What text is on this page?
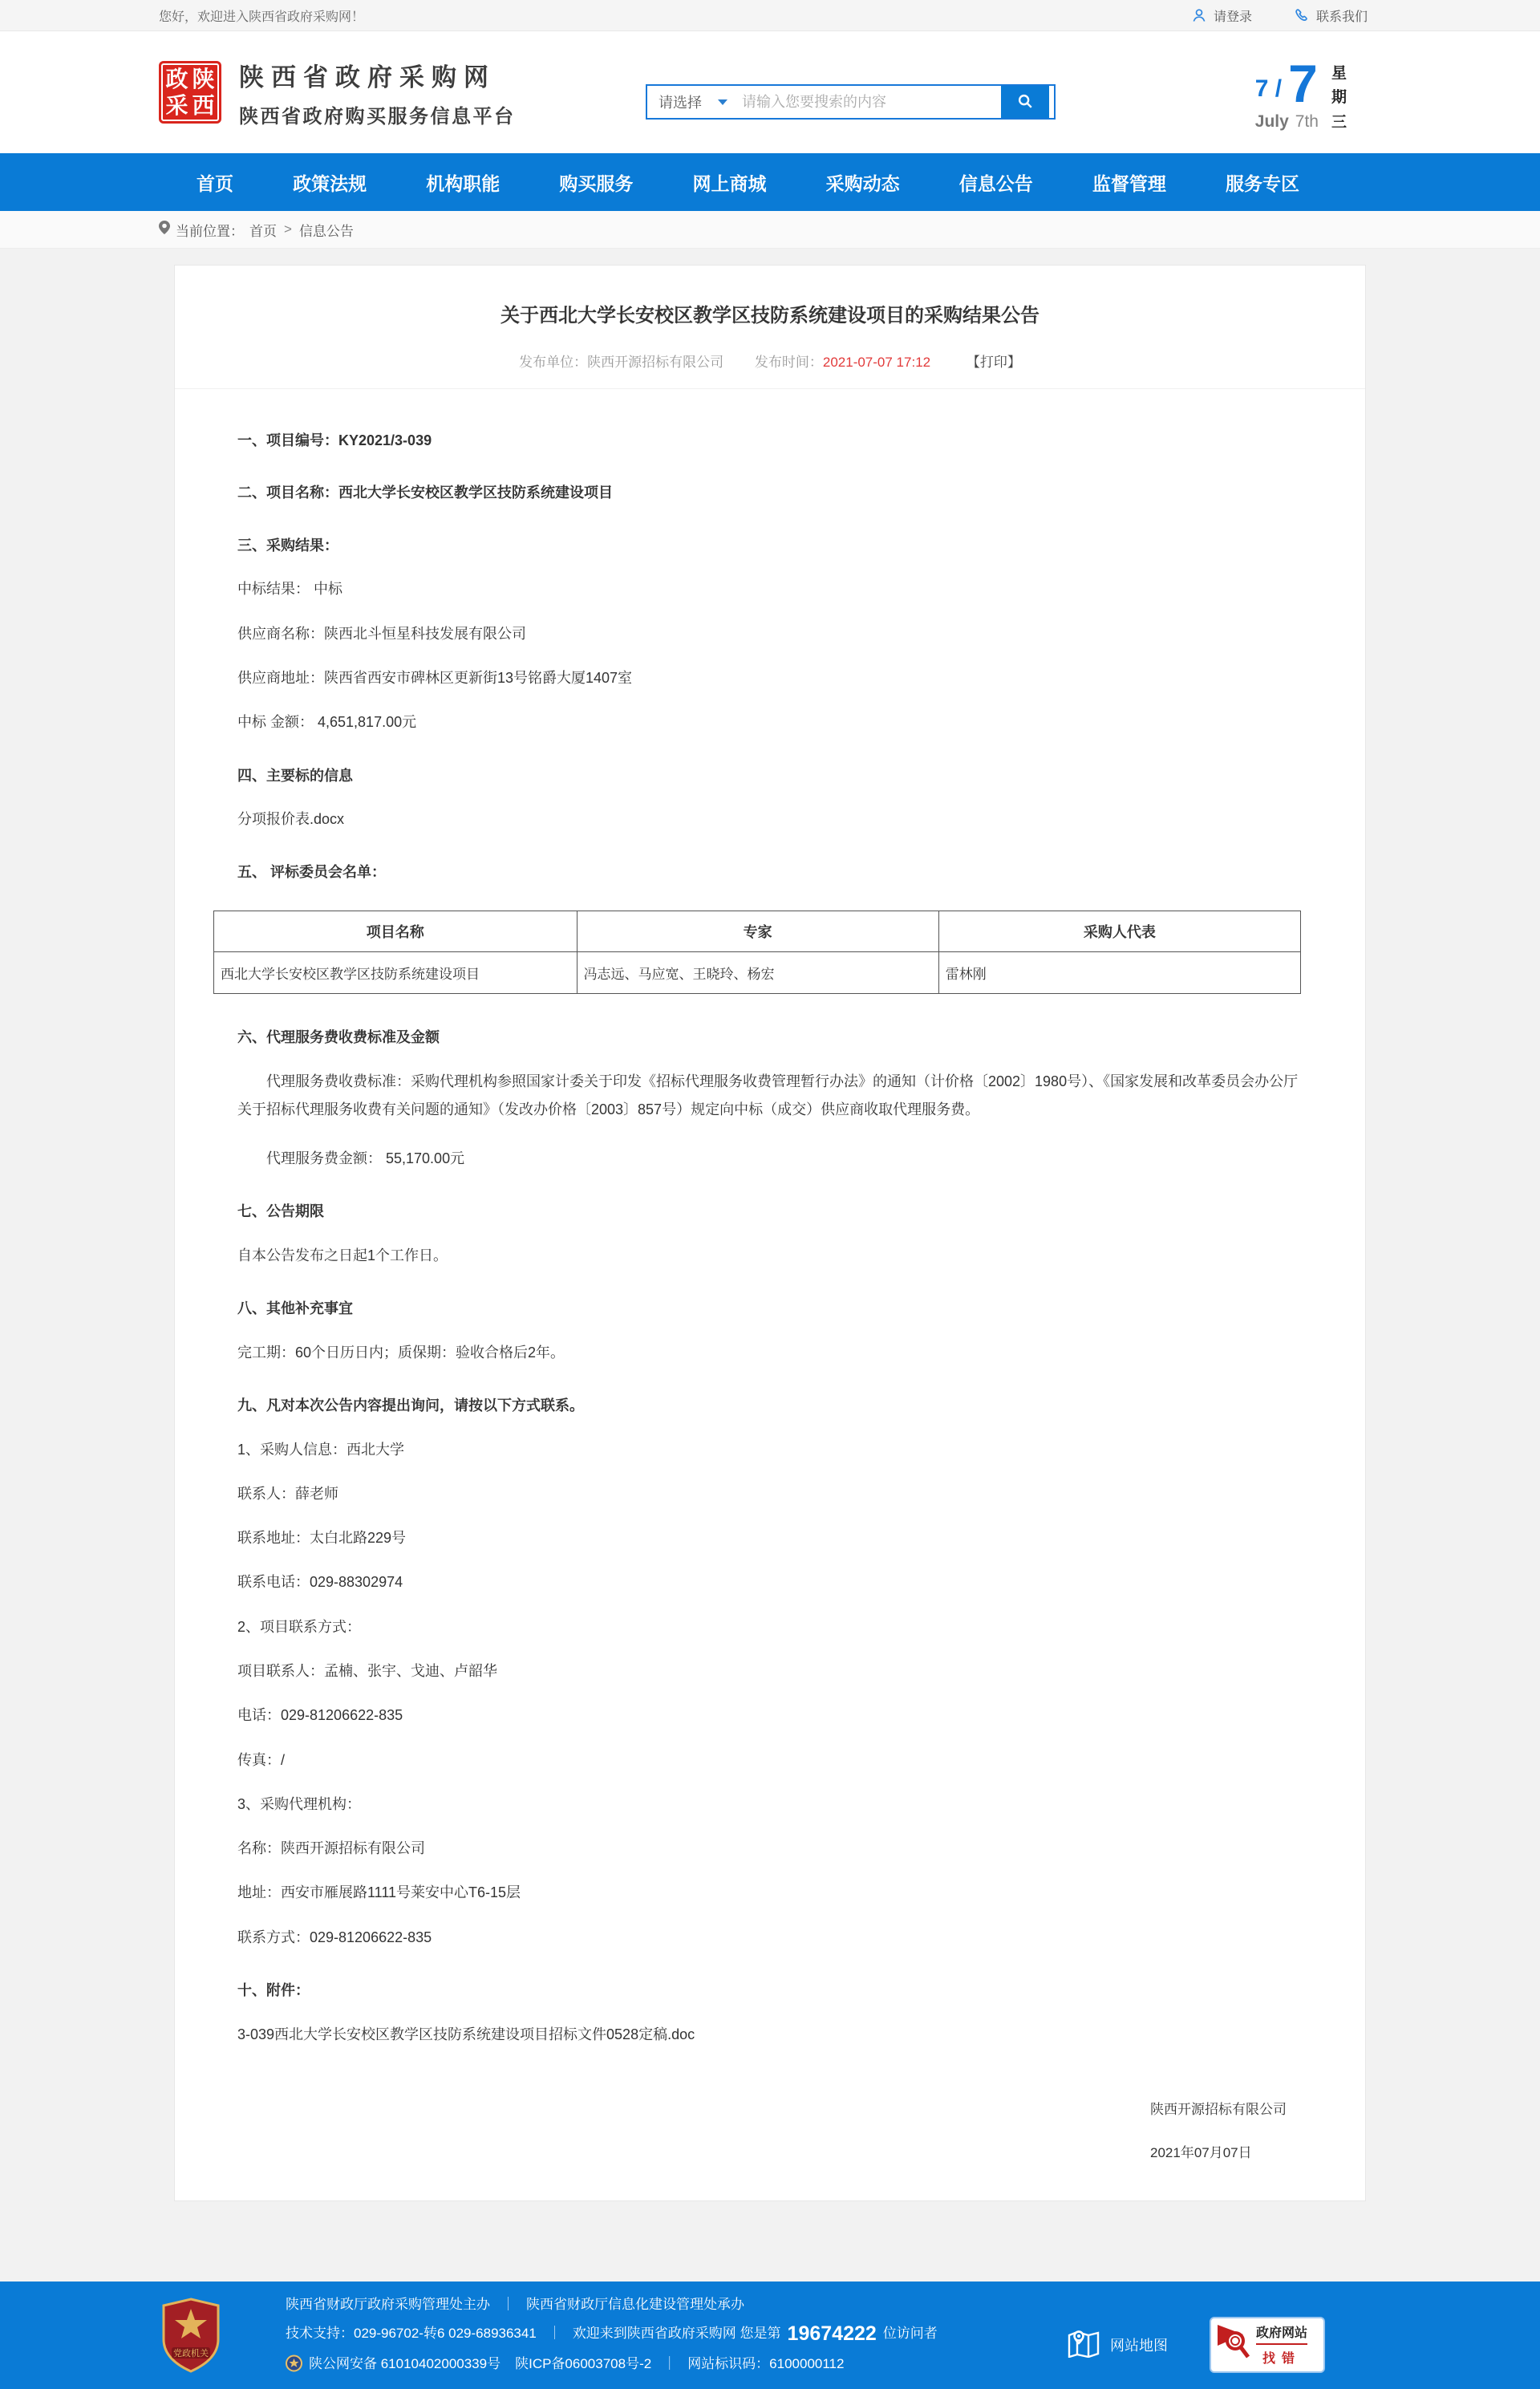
您好，欢迎进入陕西省政府采购网！	请登录	联系我们
政 陕
采 西
陕西省政府采购网
陕西省政府购买服务信息平台
请选择
请输入您要搜索的内容
7 / 7
July 7th
星期三
首页	政策法规	机构职能	购买服务	网上商城	采购动态	信息公告	监督管理	服务专区
当前位置： 首页 > 信息公告
关于西北大学长安校区教学区技防系统建设项目的采购结果公告
发布单位：陕西开源招标有限公司 发布时间：2021-07-07 17:12	【打印】
一、项目编号：KY2021/3-039
二、项目名称：西北大学长安校区教学区技防系统建设项目
三、采购结果：
中标结果： 中标
供应商名称：陕西北斗恒星科技发展有限公司
供应商地址：陕西省西安市碑林区更新街13号铭爵大厦1407室
中标 金额： 4,651,817.00元
四、主要标的信息
分项报价表.docx
五、 评标委员会名单：
项目名称	专家	采购人代表
西北大学长安校区教学区技防系统建设项目	冯志远、马应宽、王晓玲、杨宏	雷林刚
六、代理服务费收费标准及金额
代理服务费收费标准：采购代理机构参照国家计委关于印发《招标代理服务收费管理暂行办法》的通知（计价格〔2002〕1980号）、《国家发展和改革委员会办公厅关于招标代理服务收费有关问题的通知》（发改办价格〔2003〕857号）规定向中标（成交）供应商收取代理服务费。
代理服务费金额： 55,170.00元
七、公告期限
自本公告发布之日起1个工作日。
八、其他补充事宜
完工期：60个日历日内；质保期：验收合格后2年。
九、凡对本次公告内容提出询问，请按以下方式联系。
1、采购人信息：西北大学
联系人：薛老师
联系地址：太白北路229号
联系电话：029-88302974
2、项目联系方式：
项目联系人：孟楠、张宇、戈迪、卢韶华
电话：029-81206622-835
传真：/
3、采购代理机构：
名称：陕西开源招标有限公司
地址：西安市雁展路1111号莱安中心T6-15层
联系方式：029-81206622-835
十、附件：
3-039西北大学长安校区教学区技防系统建设项目招标文件0528定稿.doc
陕西开源招标有限公司
2021年07月07日
党政机关
陕西省财政厅政府采购管理处主办 ｜ 陕西省财政厅信息化建设管理处承办
技术支持：029-96702-转6 029-68936341 ｜ 欢迎来到陕西省政府采购网 您是第 19674222 位访问者
陕公网安备 61010402000339号 陕ICP备06003708号-2 ｜ 网站标识码：6100000112
网站地图
政府网站
找错
